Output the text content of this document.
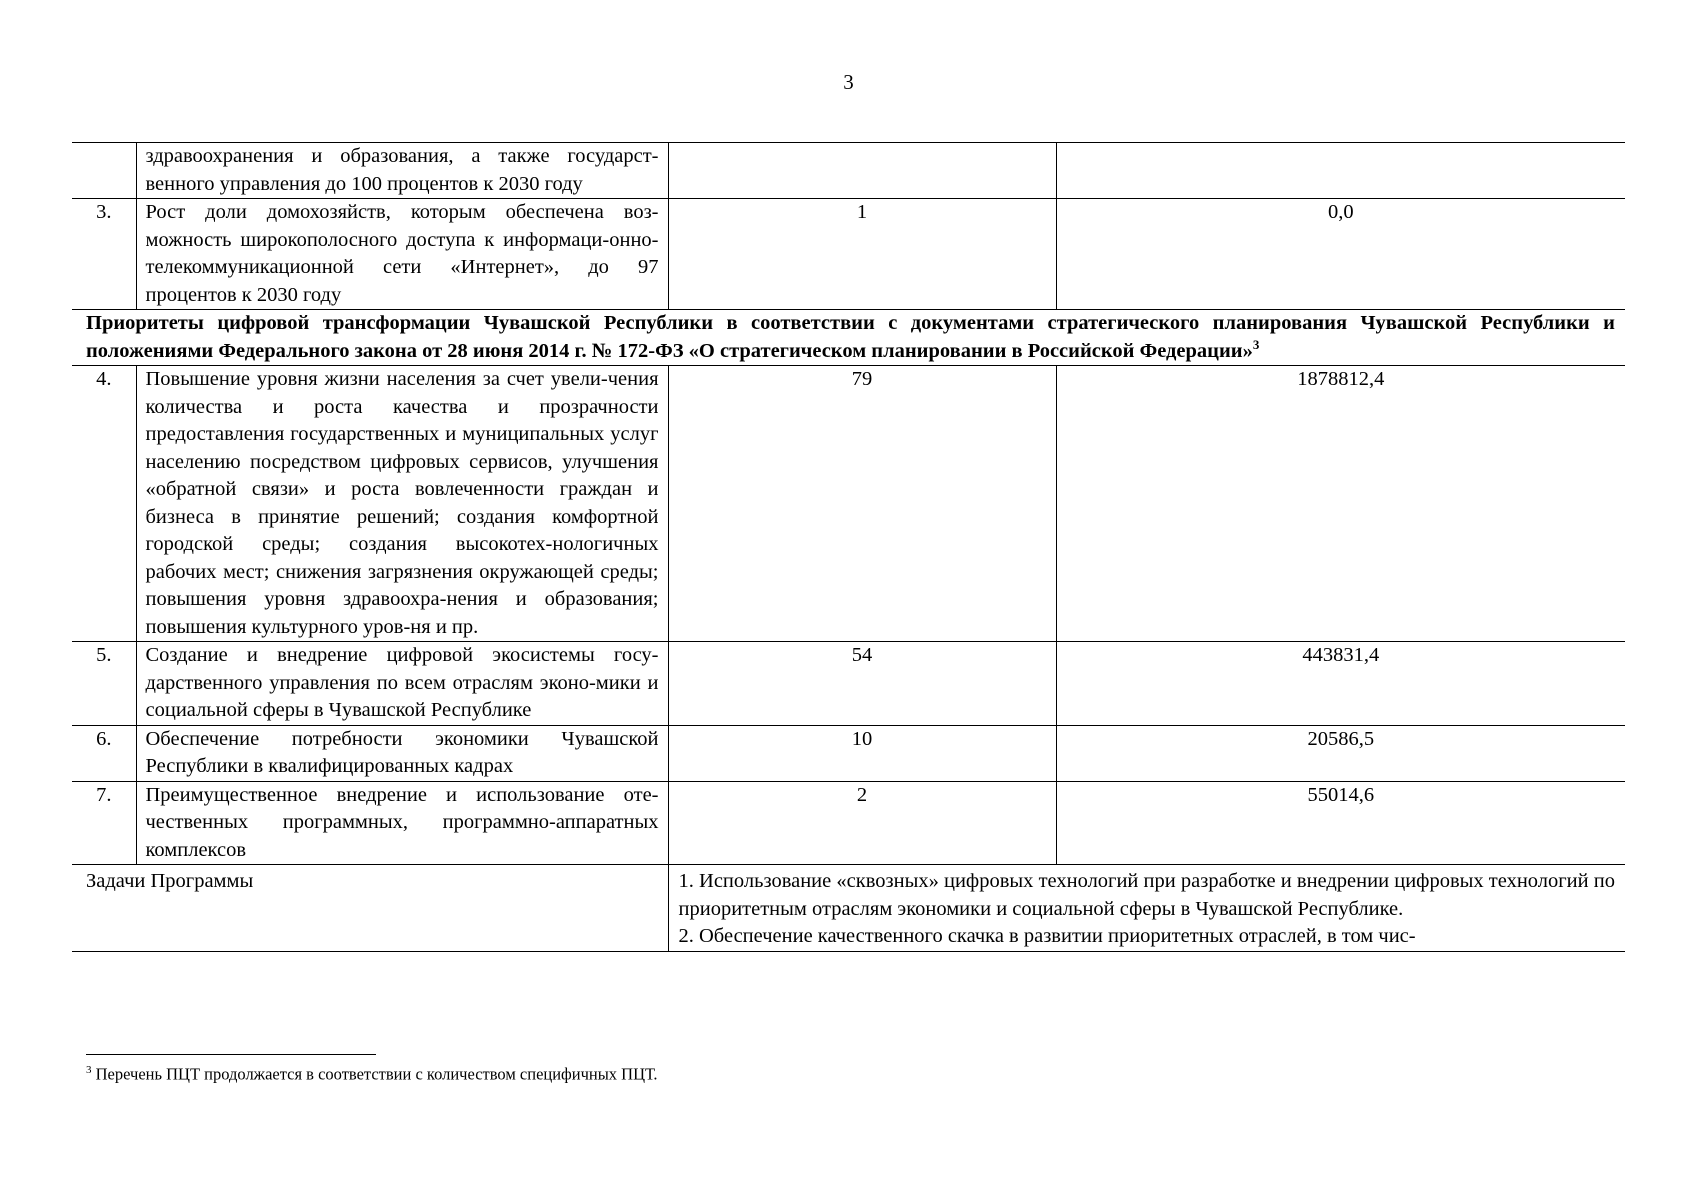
3
	здравоохранения и образования, а также государст-венного управления до 100 процентов к 2030 году		
3.	Рост доли домохозяйств, которым обеспечена воз-можность широкополосного доступа к информаци-онно-телекоммуникационной сети «Интернет», до 97 процентов к 2030 году	1	0,0
Приоритеты цифровой трансформации Чувашской Республики в соответствии с документами стратегического планирования Чувашской Республики и положениями Федерального закона от 28 июня 2014 г. № 172-ФЗ «О стратегическом планировании в Российской Федерации»$^3$
4.	Повышение уровня жизни населения за счет увели-чения количества и роста качества и прозрачности предоставления государственных и муниципальных услуг населению посредством цифровых сервисов, улучшения «обратной связи» и роста вовлеченности граждан и бизнеса в принятие решений; создания комфортной городской среды; создания высокотех-нологичных рабочих мест; снижения загрязнения окружающей среды; повышения уровня здравоохра-нения и образования; повышения культурного уров-ня и пр.	79	1878812,4
5.	Создание и внедрение цифровой экосистемы госу-дарственного управления по всем отраслям эконо-мики и социальной сферы в Чувашской Республике	54	443831,4
6.	Обеспечение потребности экономики Чувашской Республики в квалифицированных кадрах	10	20586,5
7.	Преимущественное внедрение и использование оте-чественных программных, программно-аппаратных комплексов	2	55014,6
Задачи Программы		1. Использование «сквозных» цифровых технологий при разработке и внедрении цифровых технологий по приоритетным отраслям экономики и социальной сферы в Чувашской Республике.

2. Обеспечение качественного скачка в развитии приоритетных отраслей, в том чис-	

$^3$ Перечень ПЦТ продолжается в соответствии с количеством специфичных ПЦТ.
